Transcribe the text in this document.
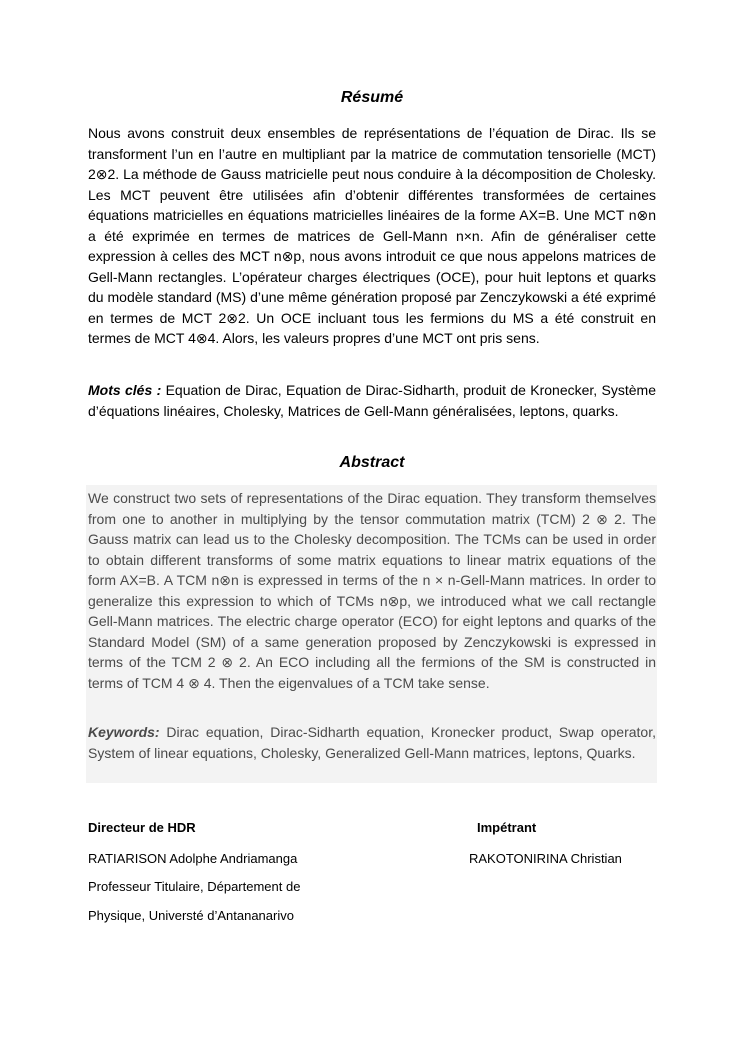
Résumé

Nous avons construit deux ensembles de représentations de l’équation de Dirac. Ils se transforment l’un en l’autre en multipliant par la matrice de commutation tensorielle (MCT) 2⊗2. La méthode de Gauss matricielle peut nous conduire à la décomposition de Cholesky. Les MCT peuvent être utilisées afin d’obtenir différentes transformées de certaines équations matricielles en équations matricielles linéaires de la forme AX=B. Une MCT n⊗n a été exprimée en termes de matrices de Gell-Mann n×n. Afin de généraliser cette expression à celles des MCT n⊗p, nous avons introduit ce que nous appelons matrices de Gell-Mann rectangles. L’opérateur charges électriques (OCE), pour huit leptons et quarks du modèle standard (MS) d’une même génération proposé par Zenczykowski a été exprimé en termes de MCT 2⊗2. Un OCE incluant tous les fermions du MS a été construit en termes de MCT 4⊗4. Alors, les valeurs propres d’une MCT ont pris sens.

Mots clés : Equation de Dirac, Equation de Dirac-Sidharth, produit de Kronecker, Système d’équations linéaires, Cholesky, Matrices de Gell-Mann généralisées, leptons, quarks.

Abstract

We construct two sets of representations of the Dirac equation. They transform themselves from one to another in multiplying by the tensor commutation matrix (TCM) 2 ⊗ 2. The Gauss matrix can lead us to the Cholesky decomposition. The TCMs can be used in order to obtain different transforms of some matrix equations to linear matrix equations of the form AX=B. A TCM n⊗n is expressed in terms of the n × n-Gell-Mann matrices. In order to generalize this expression to which of TCMs n⊗p, we introduced what we call rectangle Gell-Mann matrices. The electric charge operator (ECO) for eight leptons and quarks of the Standard Model (SM) of a same generation proposed by Zenczykowski is expressed in terms of the TCM 2 ⊗ 2. An ECO including all the fermions of the SM is constructed in terms of TCM 4 ⊗ 4. Then the eigenvalues of a TCM take sense.

Keywords: Dirac equation, Dirac-Sidharth equation, Kronecker product, Swap operator, System of linear equations, Cholesky, Generalized Gell-Mann matrices, leptons, Quarks.

Directeur de HDR
RATIARISON Adolphe Andriamanga
Professeur Titulaire, Département de
Physique, Universté d’Antananarivo
Impétrant
RAKOTONIRINA Christian
